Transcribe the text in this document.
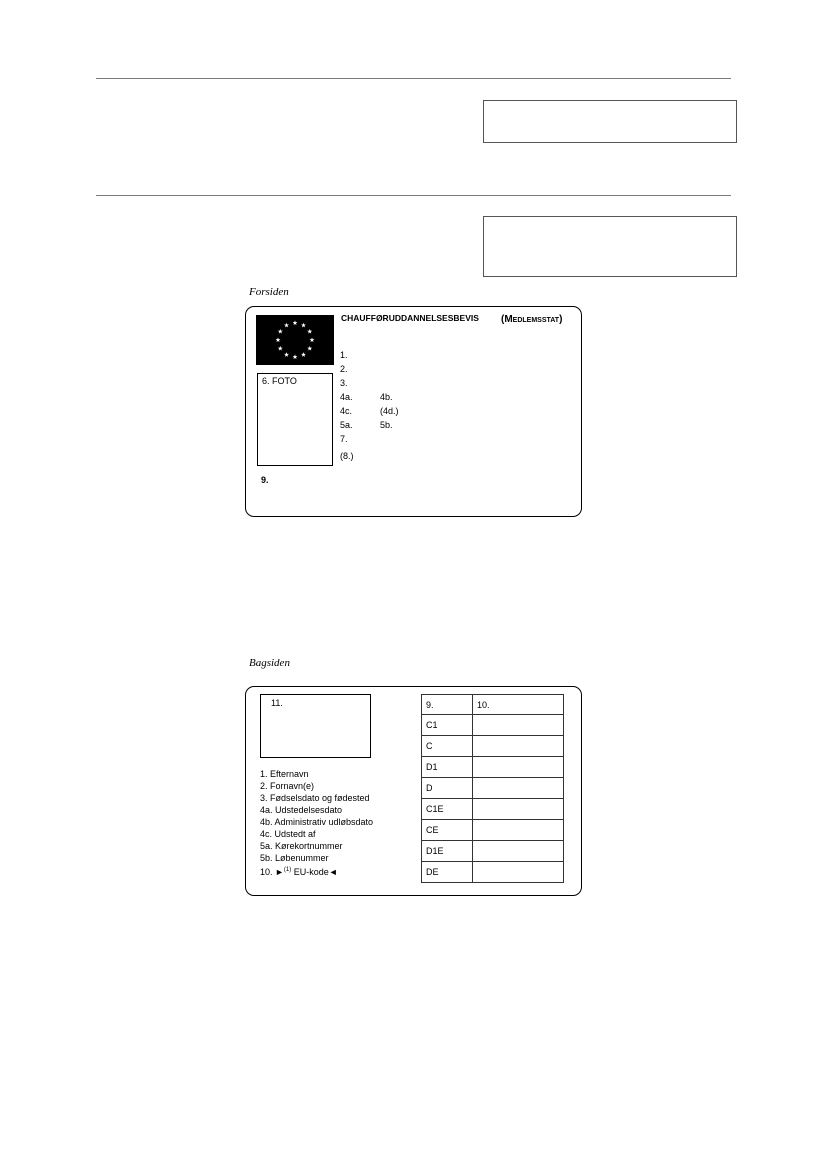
Forsiden
CHAUFFØRUDDANNELSESBEVIS (Medlemsstat)
6. FOTO
1.
2.
3.
4a.	4b.
4c.	(4d.)
5a.	5b.
7.
(8.)
9.
Bagsiden
11.
1. Efternavn
2. Fornavn(e)
3. Fødselsdato og fødested
4a. Udstedelsesdato
4b. Administrativ udløbsdato
4c. Udstedt af
5a. Kørekortnummer
5b. Løbenummer
10. ►$^{(1)}$ EU-kode◄
9.	10.
C1	
C	
D1	
D	
C1E	
CE	
D1E	
DE	
